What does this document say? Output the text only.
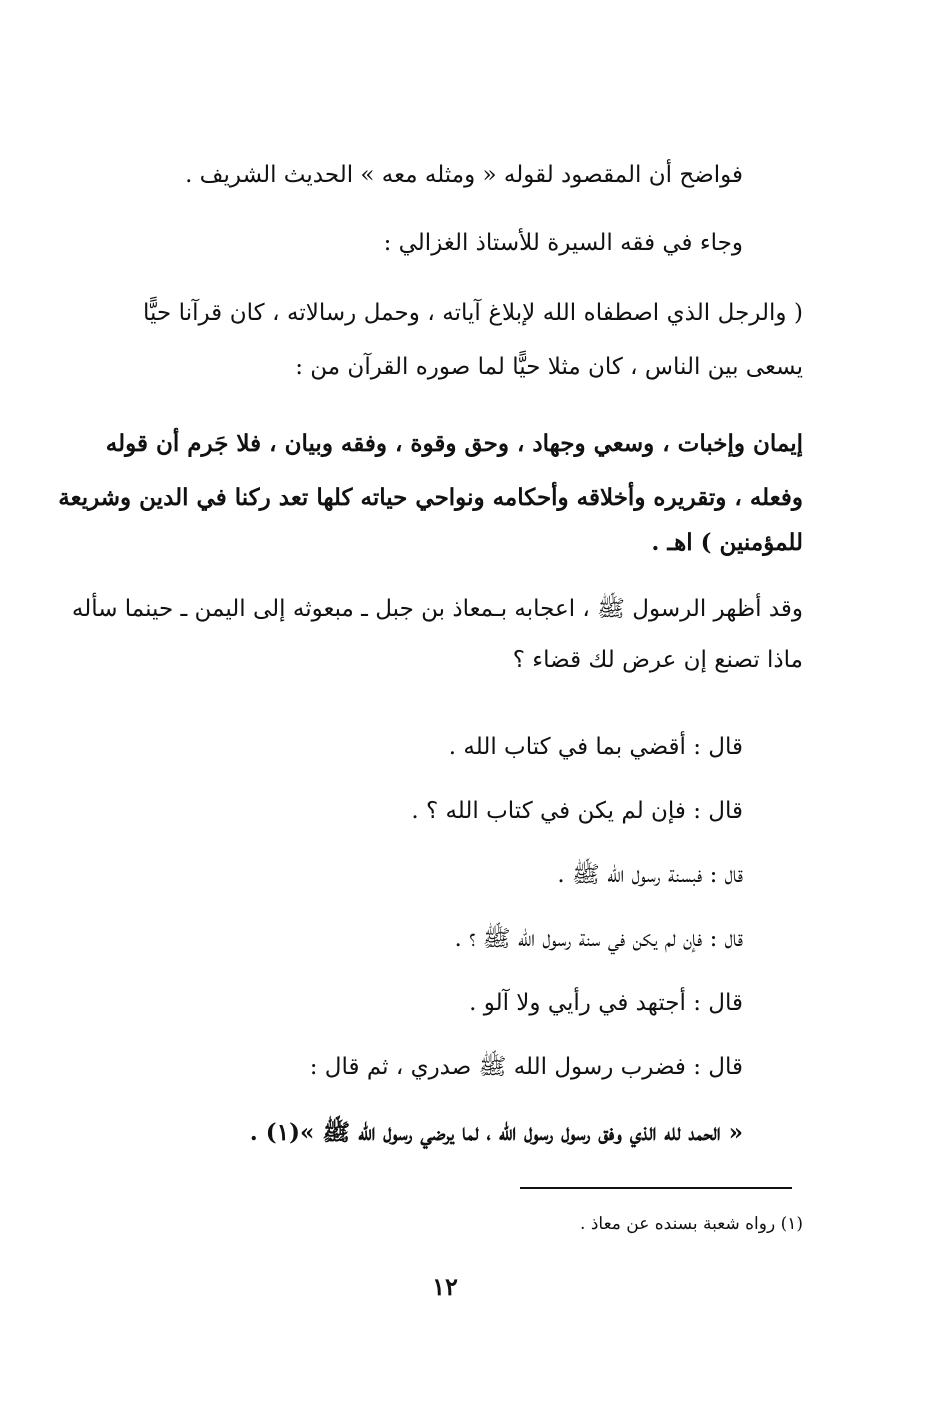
فواضح أن المقصود لقوله « ومثله معه » الحديث الشريف .
وجاء في فقه السيرة للأستاذ الغزالي :
( والرجل الذي اصطفاه الله لإبلاغ آياته ، وحمل رسالاته ، كان قرآنا حيًّا
يسعى بين الناس ، كان مثلا حيًّا لما صوره القرآن من :
إيمان وإخبات ، وسعي وجهاد ، وحق وقوة ، وفقه وبيان ، فلا جَرم أن قوله
وفعله ، وتقريره وأخلاقه وأحكامه ونواحي حياته كلها تعد ركنا في الدين وشريعة
للمؤمنين ) اهـ .
وقد أظهر الرسول ﷺ ، اعجابه بـمعاذ بن جبل ـ مبعوثه إلى اليمن ـ حينما سأله
ماذا تصنع إن عرض لك قضاء ؟
قال : أقضي بما في كتاب الله .
قال : فإن لم يكن في كتاب الله ؟ .
قال : فبسنة رسول الله ﷺ .
قال : فإن لم يكن في سنة رسول الله ﷺ ؟ .
قال : أجتهد في رأيي ولا آلو .
قال : فضرب رسول الله ﷺ صدري ، ثم قال :
« الحمد لله الذي وفق رسول رسول الله ، لما يرضي رسول الله ﷺ »(١) .
(١) رواه شعبة بسنده عن معاذ .
١٢
